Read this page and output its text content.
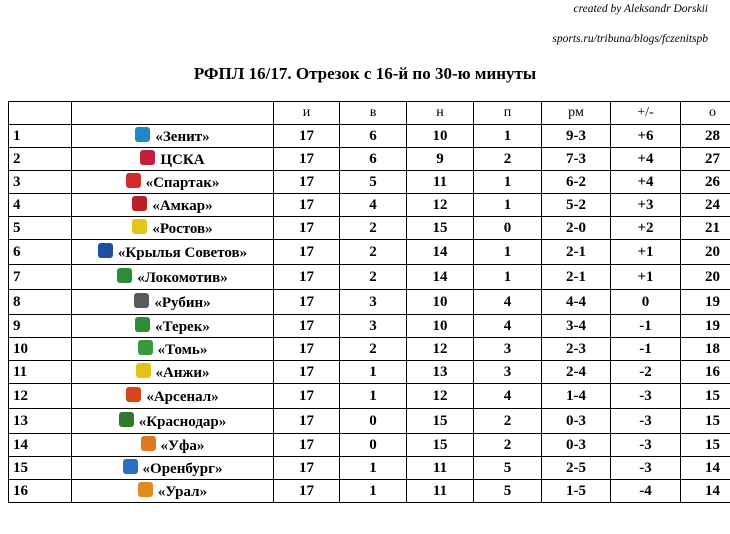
created by Aleksandr Dorskii
sports.ru/tribuna/blogs/fczenitspb
РФПЛ 16/17. Отрезок с 16-й по 30-ю минуты
		и	в	н	п	рм	+/-	о
1	«Зенит»	17	6	10	1	9-3	+6	28
2	ЦСКА	17	6	9	2	7-3	+4	27
3	«Спартак»	17	5	11	1	6-2	+4	26
4	«Амкар»	17	4	12	1	5-2	+3	24
5	«Ростов»	17	2	15	0	2-0	+2	21
6	«Крылья Советов»	17	2	14	1	2-1	+1	20
7	«Локомотив»	17	2	14	1	2-1	+1	20
8	«Рубин»	17	3	10	4	4-4	0	19
9	«Терек»	17	3	10	4	3-4	-1	19
10	«Томь»	17	2	12	3	2-3	-1	18
11	«Анжи»	17	1	13	3	2-4	-2	16
12	«Арсенал»	17	1	12	4	1-4	-3	15
13	«Краснодар»	17	0	15	2	0-3	-3	15
14	«Уфа»	17	0	15	2	0-3	-3	15
15	«Оренбург»	17	1	11	5	2-5	-3	14
16	«Урал»	17	1	11	5	1-5	-4	14
